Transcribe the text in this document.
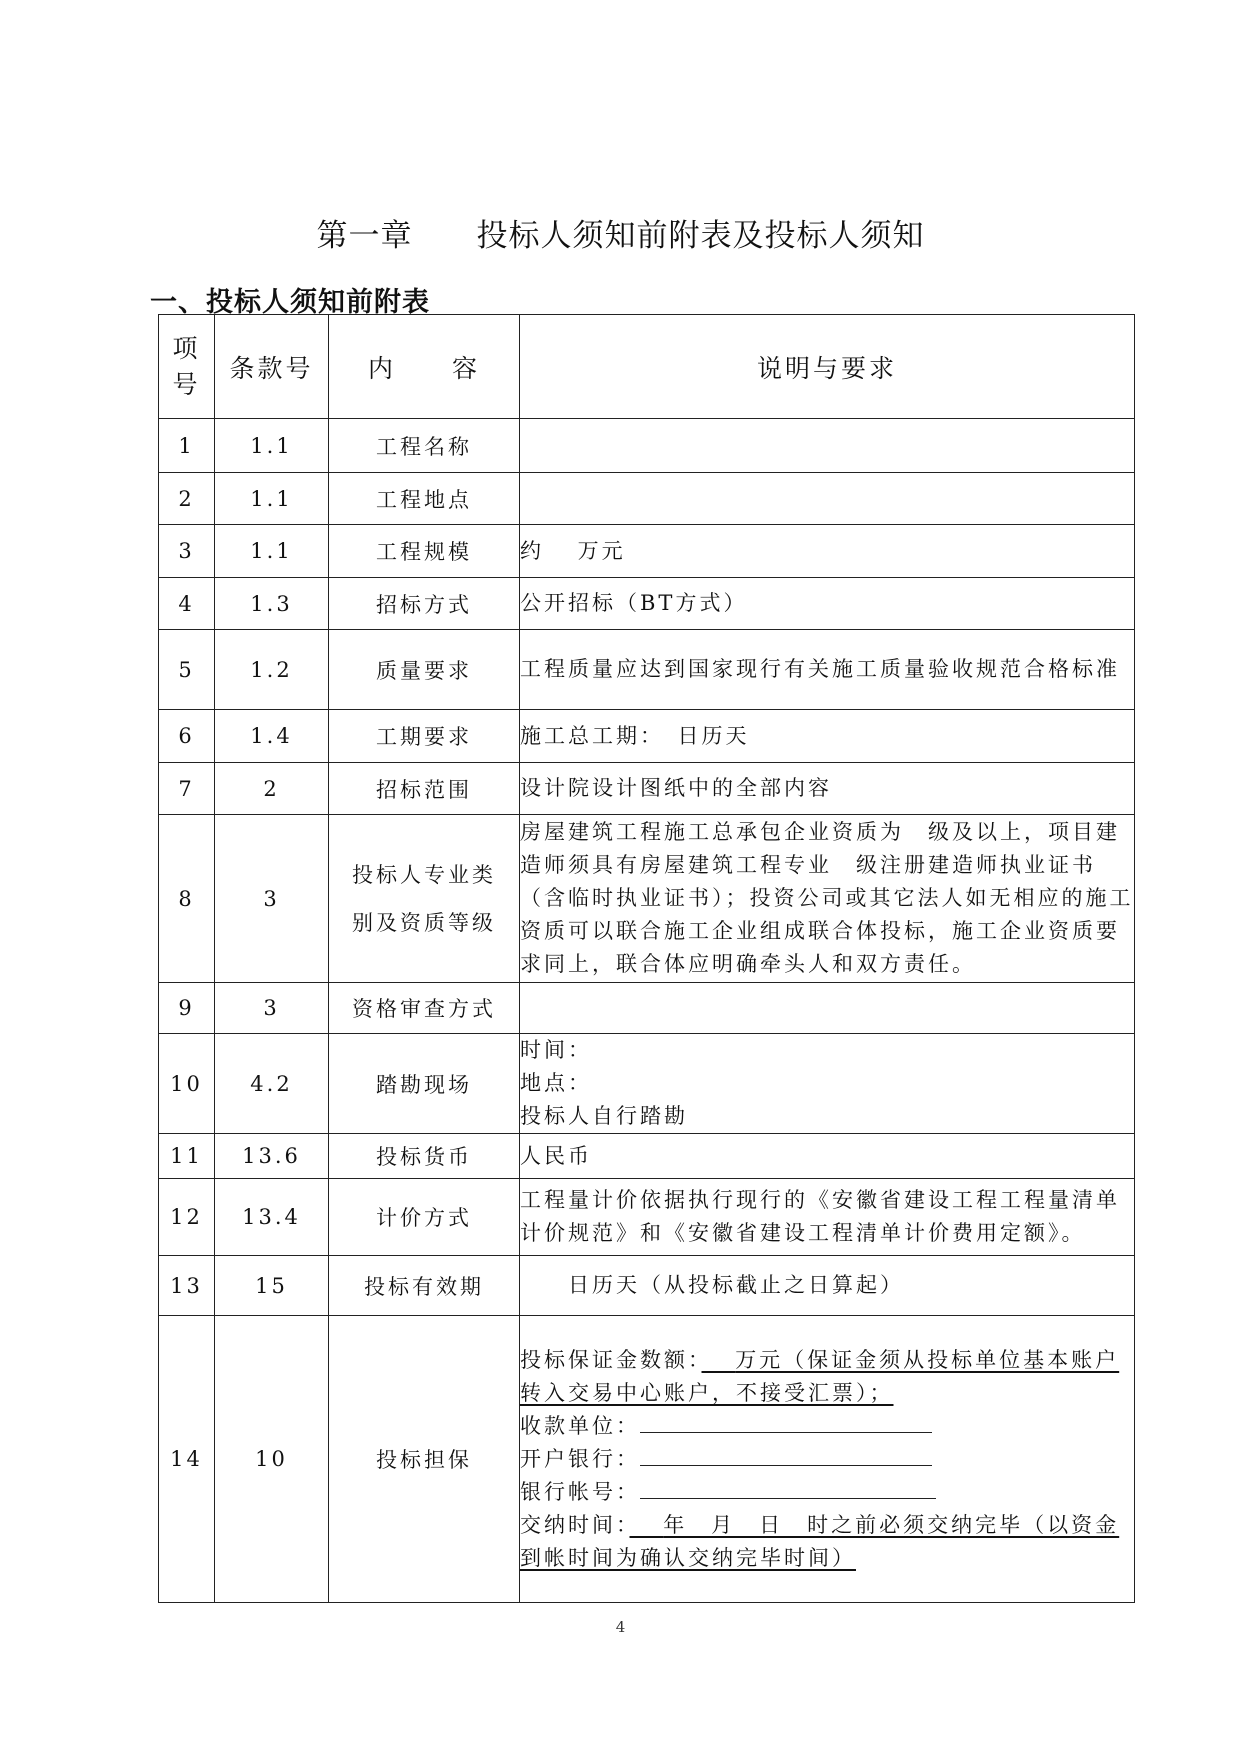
第一章 投标人须知前附表及投标人须知
一、投标人须知前附表
项
号	条款号	内　　容	说明与要求
1	1.1	工程名称	
2	1.1	工程地点	
3	1.1	工程规模	约　 万元
4	1.3	招标方式	公开招标（BT方式）
5	1.2	质量要求	工程质量应达到国家现行有关施工质量验收规范合格标准
6	1.4	工期要求	施工总工期：　日历天
7	2	招标范围	设计院设计图纸中的全部内容
8	3	投标人专业类
别及资质等级	房屋建筑工程施工总承包企业资质为　级及以上，项目建造师须具有房屋建筑工程专业　级注册建造师执业证书（含临时执业证书）；投资公司或其它法人如无相应的施工资质可以联合施工企业组成联合体投标，施工企业资质要求同上，联合体应明确牵头人和双方责任。
9	3	资格审查方式	
10	4.2	踏勘现场	时间：
地点：
投标人自行踏勘

11	13.6	投标货币	人民币
12	13.4	计价方式	工程量计价依据执行现行的《安徽省建设工程工程量清单计价规范》和《安徽省建设工程清单计价费用定额》。
13	15	投标有效期	日历天（从投标截止之日算起）
14	10	投标担保	投标保证金数额：　 万元（保证金须从投标单位基本账户转入交易中心账户，不接受汇票）；
收款单位：
开户银行：
银行帐号：
交纳时间：　 年　月　日　时之前必须交纳完毕（以资金到帐时间为确认交纳完毕时间）
4
